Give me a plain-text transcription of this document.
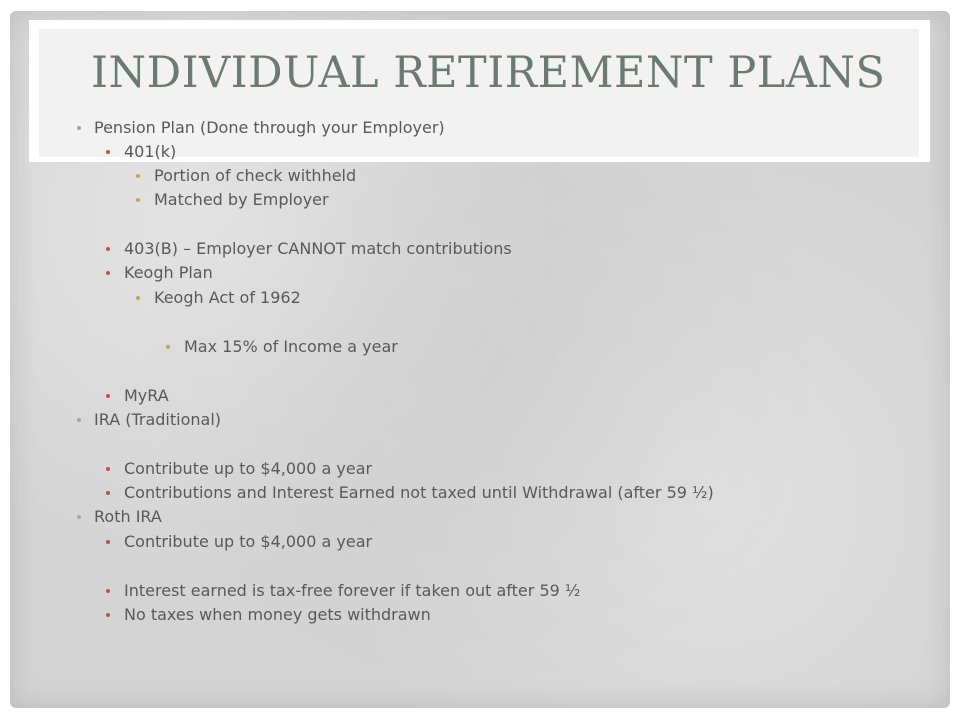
INDIVIDUAL RETIREMENT PLANS
Pension Plan (Done through your Employer)
401(k)
Portion of check withheld
Matched by Employer
403(B) – Employer CANNOT match contributions
Keogh Plan
Keogh Act of 1962
Max 15% of Income a year
MyRA
IRA (Traditional)
Contribute up to $4,000 a year
Contributions and Interest Earned not taxed until Withdrawal (after 59 ½)
Roth IRA
Contribute up to $4,000 a year
Interest earned is tax-free forever if taken out after 59 ½
No taxes when money gets withdrawn
